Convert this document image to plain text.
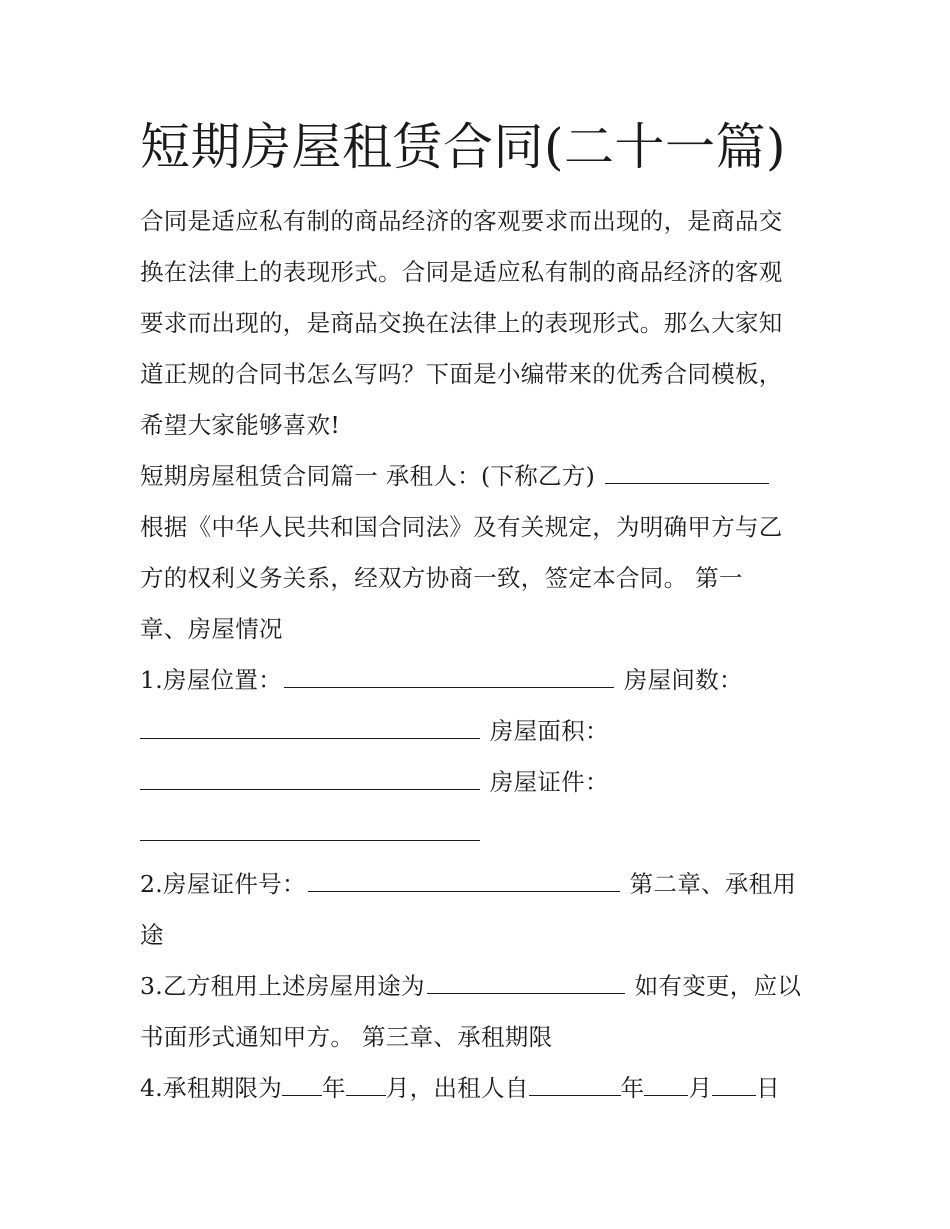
短期房屋租赁合同(二十一篇)
合同是适应私有制的商品经济的客观要求而出现的，是商品交
换在法律上的表现形式。合同是适应私有制的商品经济的客观
要求而出现的，是商品交换在法律上的表现形式。那么大家知
道正规的合同书怎么写吗？下面是小编带来的优秀合同模板，
希望大家能够喜欢!
短期房屋租赁合同篇一 承租人：(下称乙方)
根据《中华人民共和国合同法》及有关规定，为明确甲方与乙
方的权利义务关系，经双方协商一致，签定本合同。 第一
章、房屋情况
1.房屋位置：	房屋间数：
房屋面积：
房屋证件：
2.房屋证件号：	第二章、承租用
途
3.乙方租用上述房屋用途为	如有变更，应以
书面形式通知甲方。 第三章、承租期限
4.承租期限为 年 月，出租人自	年 月 日
